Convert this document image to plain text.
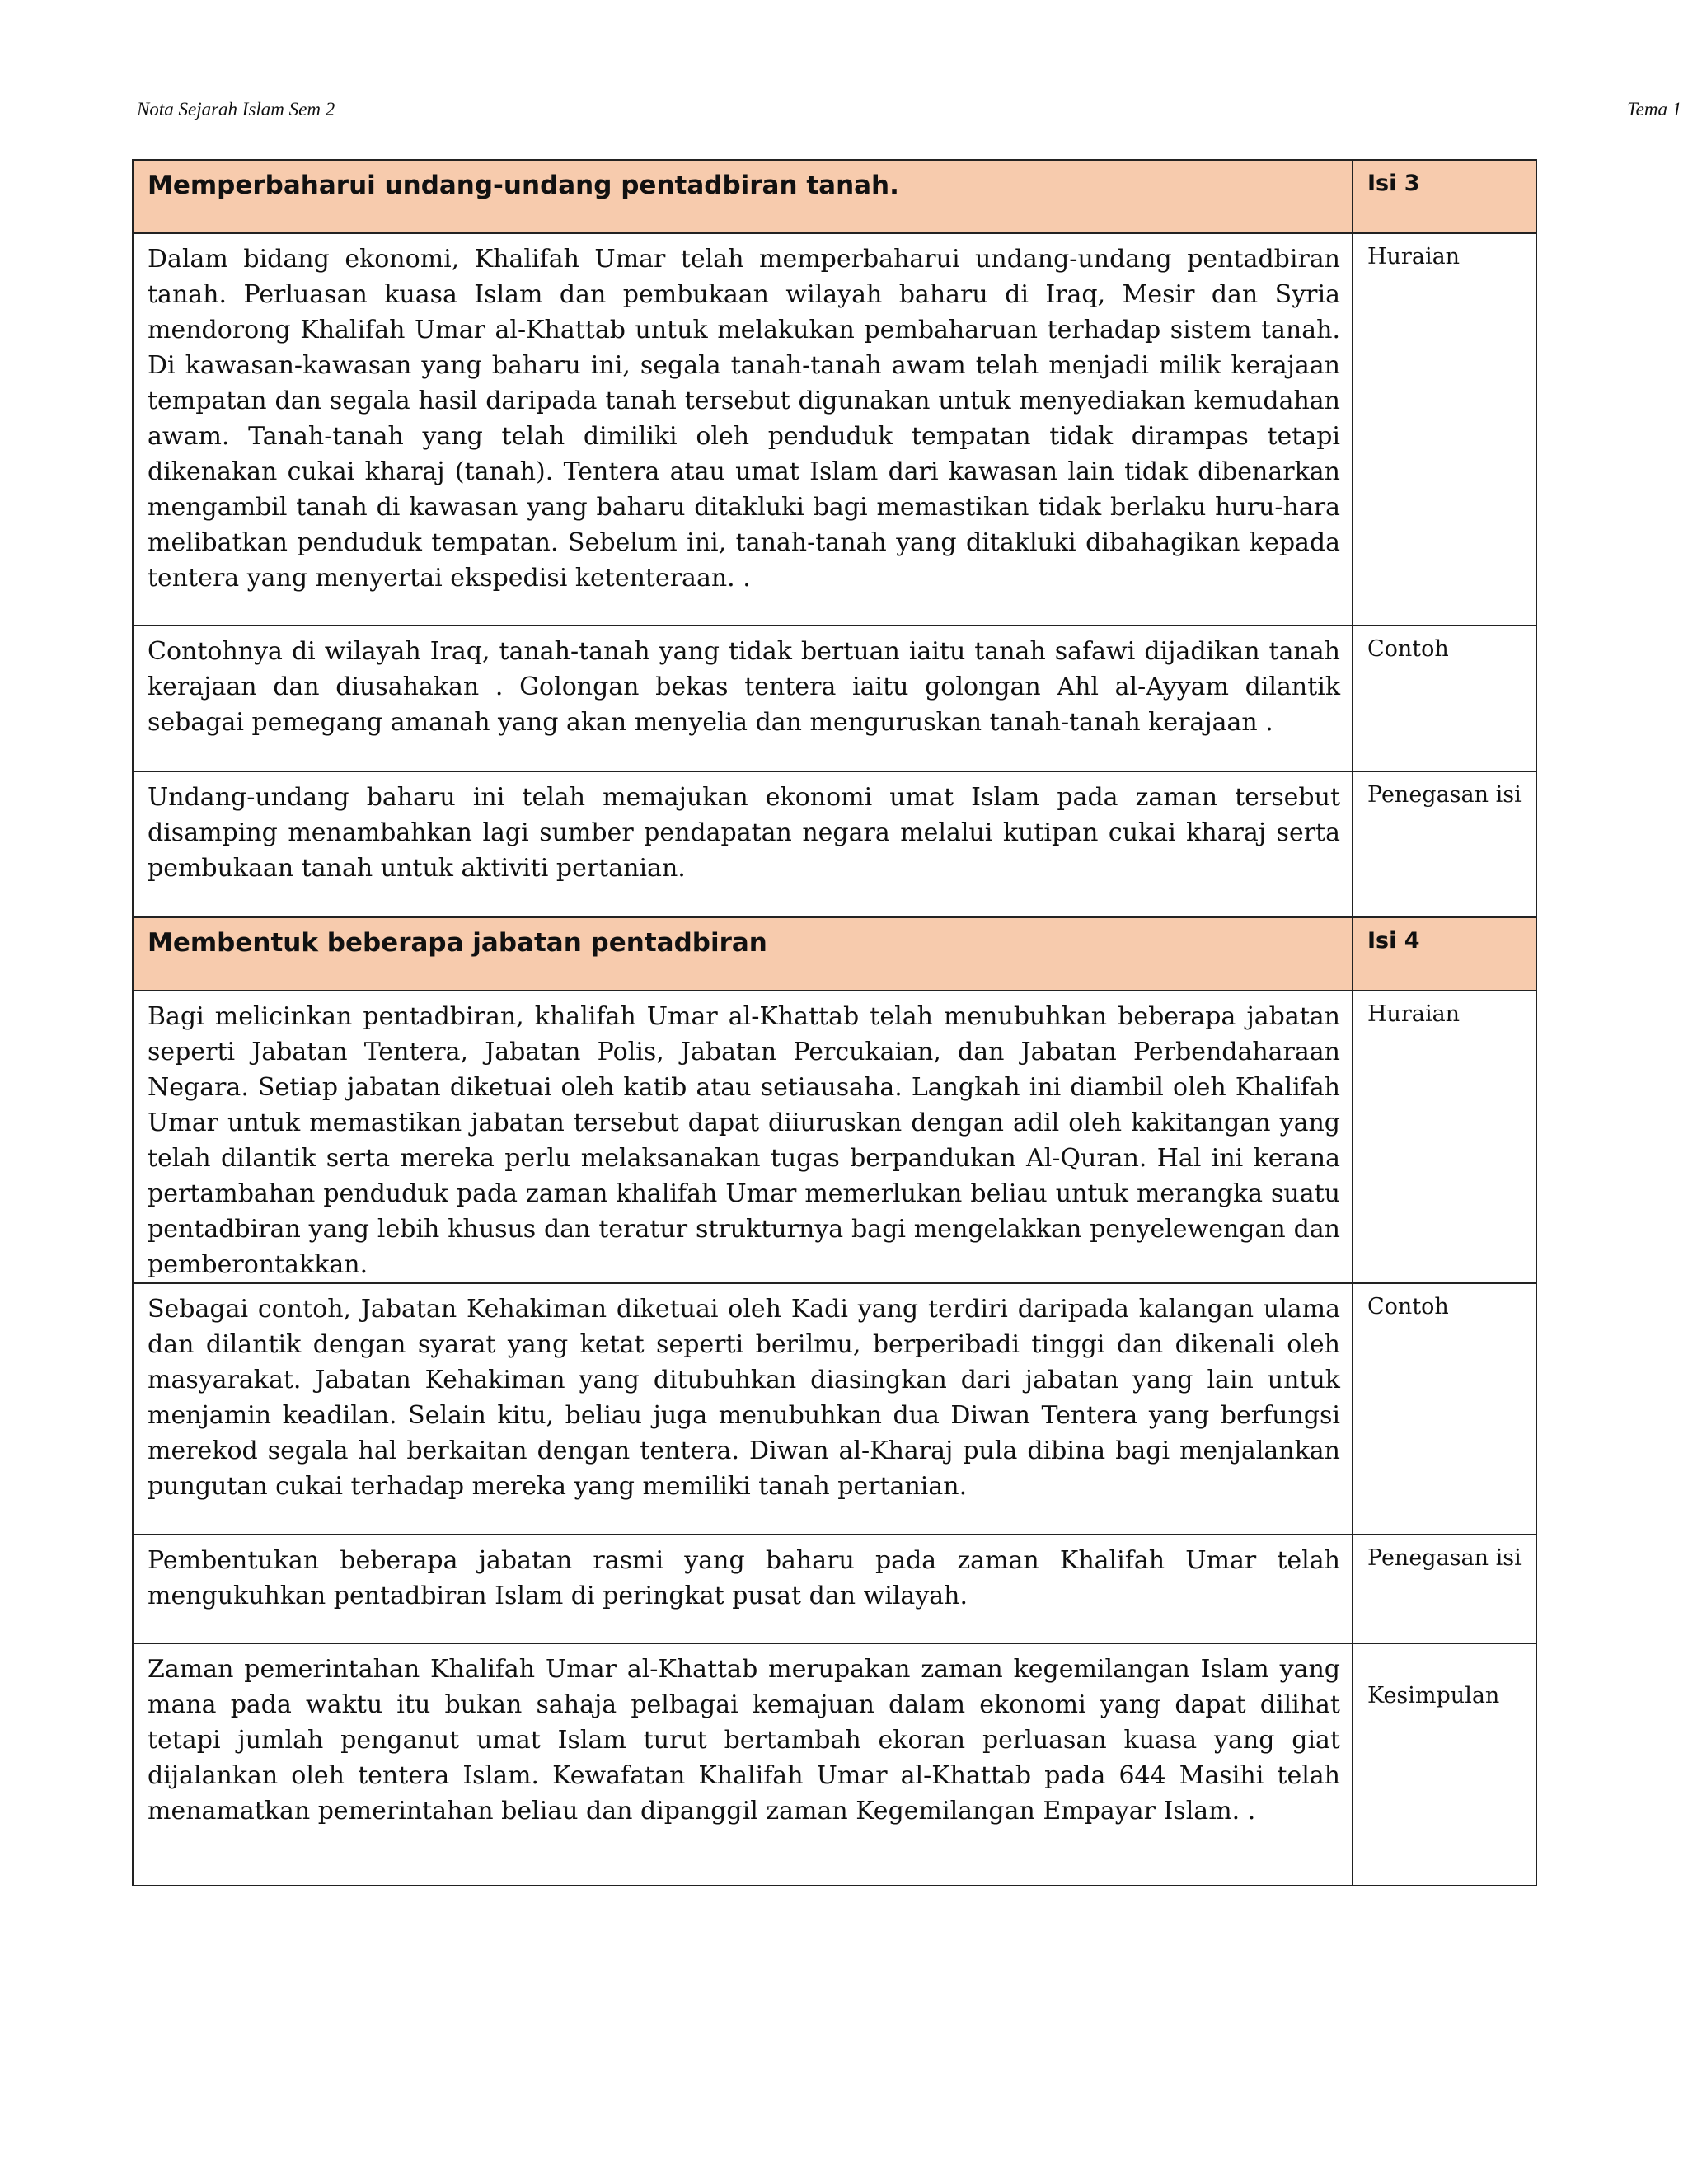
Nota Sejarah Islam Sem 2	Tema 1
Memperbaharui undang-undang pentadbiran tanah.	Isi 3
Dalam bidang ekonomi, Khalifah Umar telah memperbaharui undang-undang pentadbiran tanah. Perluasan kuasa Islam dan pembukaan wilayah baharu di Iraq, Mesir dan Syria mendorong Khalifah Umar al-Khattab untuk melakukan pembaharuan terhadap sistem tanah. Di kawasan-kawasan yang baharu ini, segala tanah-tanah awam telah menjadi milik kerajaan tempatan dan segala hasil daripada tanah tersebut digunakan untuk menyediakan kemudahan awam. Tanah-tanah yang telah dimiliki oleh penduduk tempatan tidak dirampas tetapi dikenakan cukai kharaj (tanah). Tentera atau umat Islam dari kawasan lain tidak dibenarkan mengambil tanah di kawasan yang baharu ditakluki bagi memastikan tidak berlaku huru-hara melibatkan penduduk tempatan. Sebelum ini, tanah-tanah yang ditakluki dibahagikan kepada tentera yang menyertai ekspedisi ketenteraan. .	Huraian
Contohnya di wilayah Iraq, tanah-tanah yang tidak bertuan iaitu tanah safawi dijadikan tanah kerajaan dan diusahakan . Golongan bekas tentera iaitu golongan Ahl al-Ayyam dilantik sebagai pemegang amanah yang akan menyelia dan menguruskan tanah-tanah kerajaan .	Contoh
Undang-undang baharu ini telah memajukan ekonomi umat Islam pada zaman tersebut disamping menambahkan lagi sumber pendapatan negara melalui kutipan cukai kharaj serta pembukaan tanah untuk aktiviti pertanian.	Penegasan isi
Membentuk beberapa jabatan pentadbiran	Isi 4
Bagi melicinkan pentadbiran, khalifah Umar al-Khattab telah menubuhkan beberapa jabatan seperti Jabatan Tentera, Jabatan Polis, Jabatan Percukaian, dan Jabatan Perbendaharaan Negara. Setiap jabatan diketuai oleh katib atau setiausaha. Langkah ini diambil oleh Khalifah Umar untuk memastikan jabatan tersebut dapat diiuruskan dengan adil oleh kakitangan yang telah dilantik serta mereka perlu melaksanakan tugas berpandukan Al-Quran. Hal ini kerana pertambahan penduduk pada zaman khalifah Umar memerlukan beliau untuk merangka suatu pentadbiran yang lebih khusus dan teratur strukturnya bagi mengelakkan penyelewengan dan pemberontakkan.	Huraian
Sebagai contoh, Jabatan Kehakiman diketuai oleh Kadi yang terdiri daripada kalangan ulama dan dilantik dengan syarat yang ketat seperti berilmu, berperibadi tinggi dan dikenali oleh masyarakat. Jabatan Kehakiman yang ditubuhkan diasingkan dari jabatan yang lain untuk menjamin keadilan. Selain kitu, beliau juga menubuhkan dua Diwan Tentera yang berfungsi merekod segala hal berkaitan dengan tentera. Diwan al-Kharaj pula dibina bagi menjalankan pungutan cukai terhadap mereka yang memiliki tanah pertanian.	Contoh
Pembentukan beberapa jabatan rasmi yang baharu pada zaman Khalifah Umar telah mengukuhkan pentadbiran Islam di peringkat pusat dan wilayah.	Penegasan isi
Zaman pemerintahan Khalifah Umar al-Khattab merupakan zaman kegemilangan Islam yang mana pada waktu itu bukan sahaja pelbagai kemajuan dalam ekonomi yang dapat dilihat tetapi jumlah penganut umat Islam turut bertambah ekoran perluasan kuasa yang giat dijalankan oleh tentera Islam. Kewafatan Khalifah Umar al-Khattab pada 644 Masihi telah menamatkan pemerintahan beliau dan dipanggil zaman Kegemilangan Empayar Islam. .	Kesimpulan
